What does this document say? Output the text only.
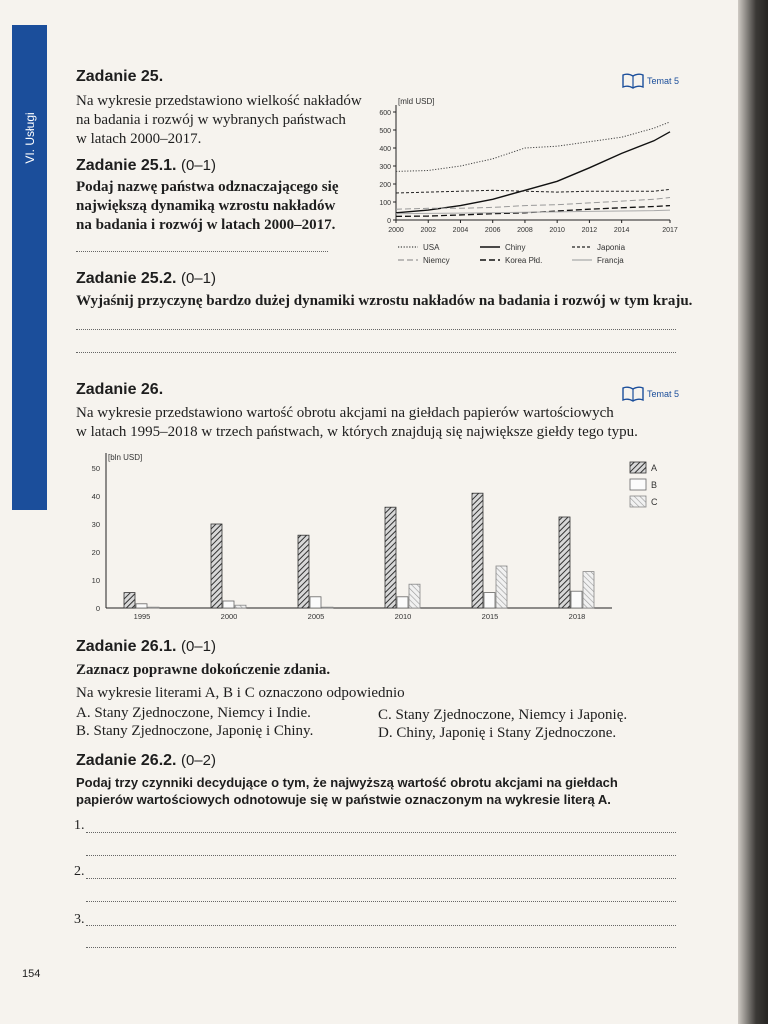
VI. Usługi
Zadanie 25.	Temat 5
Na wykresie przedstawiono wielkość nakładów
na badania i rozwój w wybranych państwach
w latach 2000–2017.
Zadanie 25.1. (0–1)
Podaj nazwę państwa odznaczającego się
największą dynamiką wzrostu nakładów
na badania i rozwój w latach 2000–2017.
[mld USD]
0
100
200
300
400
500
600
2000 2002 2004 2006 2008 2010 2012 2014	2017
USA	Chiny	Japonia
Niemcy	Korea Płd.	Francja
Zadanie 25.2. (0–1)
Wyjaśnij przyczynę bardzo dużej dynamiki wzrostu nakładów na badania i rozwój w tym kraju.
Zadanie 26.	Temat 5
Na wykresie przedstawiono wartość obrotu akcjami na giełdach papierów wartościowych
w latach 1995–2018 w trzech państwach, w których znajdują się największe giełdy tego typu.
[bln USD]
0
10
20
30
40
50
1995	2000	2005	2010	2015	2018
A
B
C
Zadanie 26.1. (0–1)
Zaznacz poprawne dokończenie zdania.
Na wykresie literami A, B i C oznaczono odpowiednio
A. Stany Zjednoczone, Niemcy i Indie.	C. Stany Zjednoczone, Niemcy i Japonię.
B. Stany Zjednoczone, Japonię i Chiny.	D. Chiny, Japonię i Stany Zjednoczone.
Zadanie 26.2. (0–2)
Podaj trzy czynniki decydujące o tym, że najwyższą wartość obrotu akcjami na giełdach
papierów wartościowych odnotowuje się w państwie oznaczonym na wykresie literą A.
1.
2.
3.
154
